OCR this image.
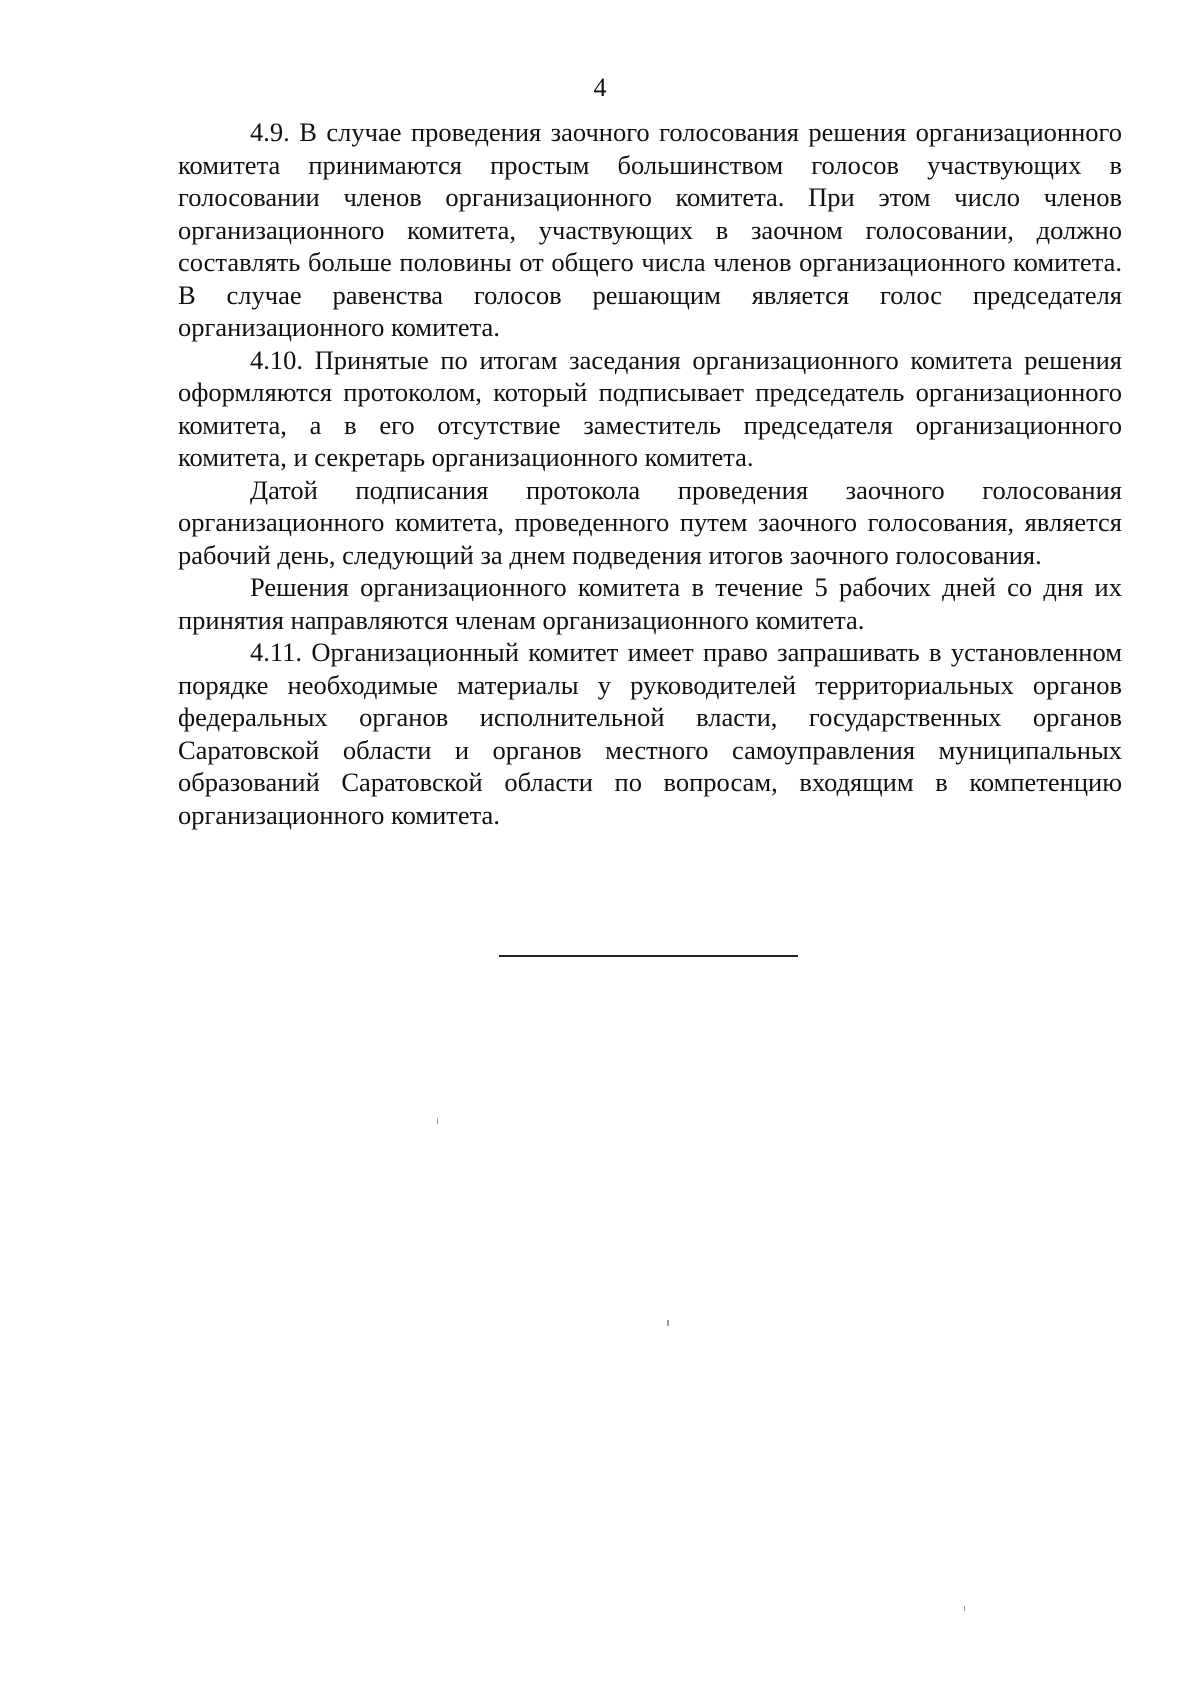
4

4.9. В случае проведения заочного голосования решения организационного комитета принимаются простым большинством голосов участвующих в голосовании членов организационного комитета. При этом число членов организационного комитета, участвующих в заочном голосовании, должно составлять больше половины от общего числа членов организационного комитета. В случае равенства голосов решающим является голос председателя организационного комитета.

4.10. Принятые по итогам заседания организационного комитета решения оформляются протоколом, который подписывает председатель организационного комитета, а в его отсутствие заместитель председателя организационного комитета, и секретарь организационного комитета.

Датой подписания протокола проведения заочного голосования организационного комитета, проведенного путем заочного голосования, является рабочий день, следующий за днем подведения итогов заочного голосования.

Решения организационного комитета в течение 5 рабочих дней со дня их принятия направляются членам организационного комитета.

4.11. Организационный комитет имеет право запрашивать в установленном порядке необходимые материалы у руководителей территориальных органов федеральных органов исполнительной власти, государственных органов Саратовской области и органов местного самоуправления муниципальных образований Саратовской области по вопросам, входящим в компетенцию организационного комитета.
